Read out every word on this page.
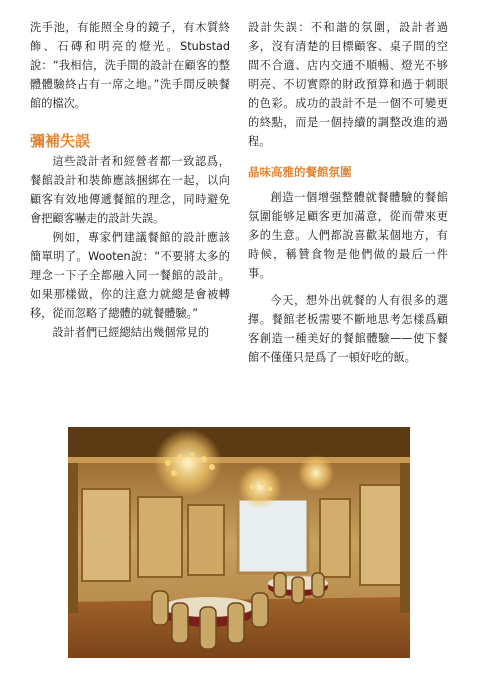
洗手池，有能照全身的鏡子，有木質終飾、石磚和明亮的燈光。Stubstad說：“我相信，洗手間的設計在顧客的整體體驗終占有一席之地。”洗手間反映餐館的檔次。

彌補失誤

這些設計者和經營者都一致認爲，餐館設計和裝飾應該捆綁在一起，以向顧客有效地傳遞餐館的理念，同時避免會把顧客嚇走的設計失誤。

例如，專家們建議餐館的設計應該簡單明了。Wooten說：“不要將太多的理念一下子全都融入同一餐館的設計。如果那樣做，你的注意力就總是會被轉移，從而忽略了總體的就餐體驗。”

設計者們已經總結出幾個常見的

設計失誤：不和諧的氛圍，設計者過多，沒有清楚的目標顧客、桌子間的空間不合適、店内交通不順暢、燈光不够明亮、不切實際的財政預算和過于刺眼的色彩。成功的設計不是一個不可變更的終點，而是一個持續的調整改進的過程。

晶味高雅的餐館氛圍

創造一個增强整體就餐體驗的餐館氛圍能够足顧客更加滿意，從而帶來更多的生意。人們都說喜歡某個地方，有時候，稱贊食物是他們做的最后一件事。

今天，想外出就餐的人有很多的選擇。餐館老板需要不斷地思考怎樣爲顧客創造一種美好的餐館體驗——使下餐館不僅僅只是爲了一頓好吃的飯。
